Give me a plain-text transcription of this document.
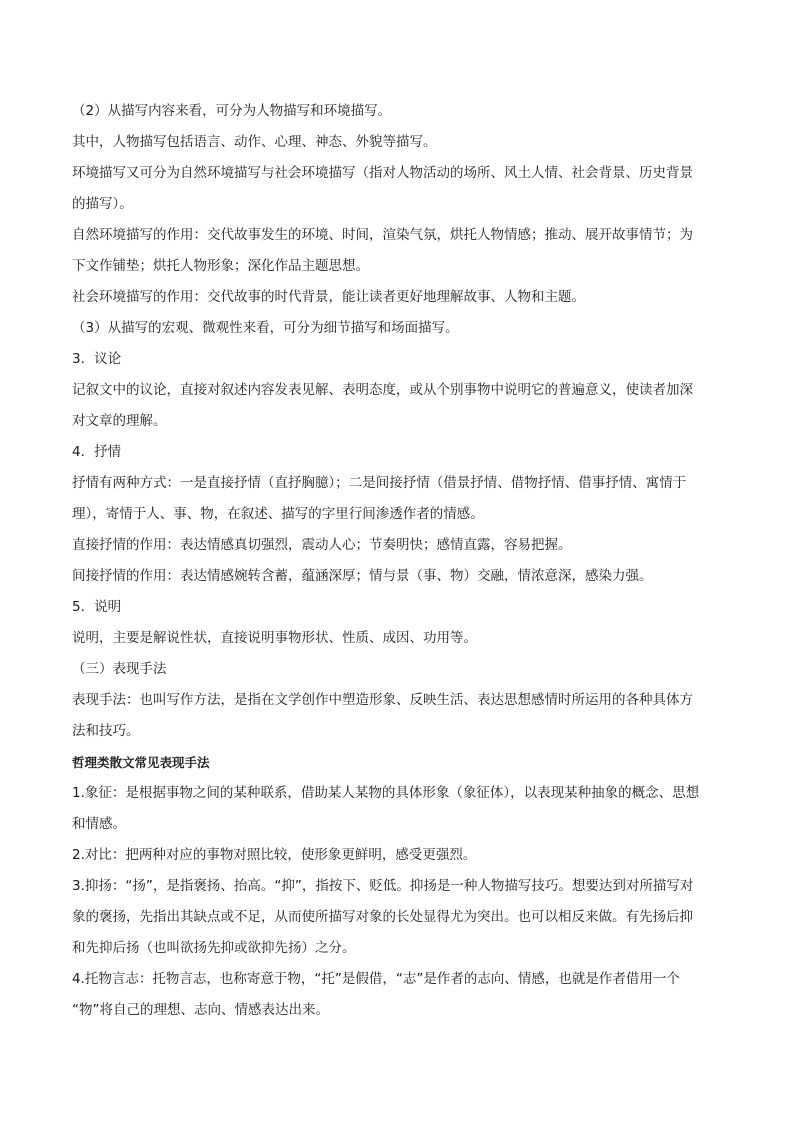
（2）从描写内容来看，可分为人物描写和环境描写。
其中，人物描写包括语言、动作、心理、神态、外貌等描写。
环境描写又可分为自然环境描写与社会环境描写（指对人物活动的场所、风土人情、社会背景、历史背景
的描写）。
自然环境描写的作用：交代故事发生的环境、时间，渲染气氛，烘托人物情感；推动、展开故事情节；为
下文作铺垫；烘托人物形象；深化作品主题思想。
社会环境描写的作用：交代故事的时代背景，能让读者更好地理解故事、人物和主题。
（3）从描写的宏观、微观性来看，可分为细节描写和场面描写。
3．议论
记叙文中的议论，直接对叙述内容发表见解、表明态度，或从个别事物中说明它的普遍意义，使读者加深
对文章的理解。
4．抒情
抒情有两种方式：一是直接抒情（直抒胸臆）；二是间接抒情（借景抒情、借物抒情、借事抒情、寓情于
理），寄情于人、事、物，在叙述、描写的字里行间渗透作者的情感。
直接抒情的作用：表达情感真切强烈，震动人心；节奏明快；感情直露，容易把握。
间接抒情的作用：表达情感婉转含蓄，蕴涵深厚；情与景（事、物）交融，情浓意深，感染力强。
5．说明
说明，主要是解说性状，直接说明事物形状、性质、成因、功用等。
（三）表现手法
表现手法：也叫写作方法，是指在文学创作中塑造形象、反映生活、表达思想感情时所运用的各种具体方
法和技巧。
哲理类散文常见表现手法
1.象征：是根据事物之间的某种联系，借助某人某物的具体形象（象征体），以表现某种抽象的概念、思想
和情感。
2.对比：把两种对应的事物对照比较，使形象更鲜明，感受更强烈。
3.抑扬：“扬”，是指褒扬、抬高。“抑”，指按下、贬低。抑扬是一种人物描写技巧。想要达到对所描写对
象的褒扬，先指出其缺点或不足，从而使所描写对象的长处显得尤为突出。也可以相反来做。有先扬后抑
和先抑后扬（也叫欲扬先抑或欲抑先扬）之分。
4.托物言志：托物言志，也称寄意于物，“托”是假借，“志”是作者的志向、情感，也就是作者借用一个
“物”将自己的理想、志向、情感表达出来。
